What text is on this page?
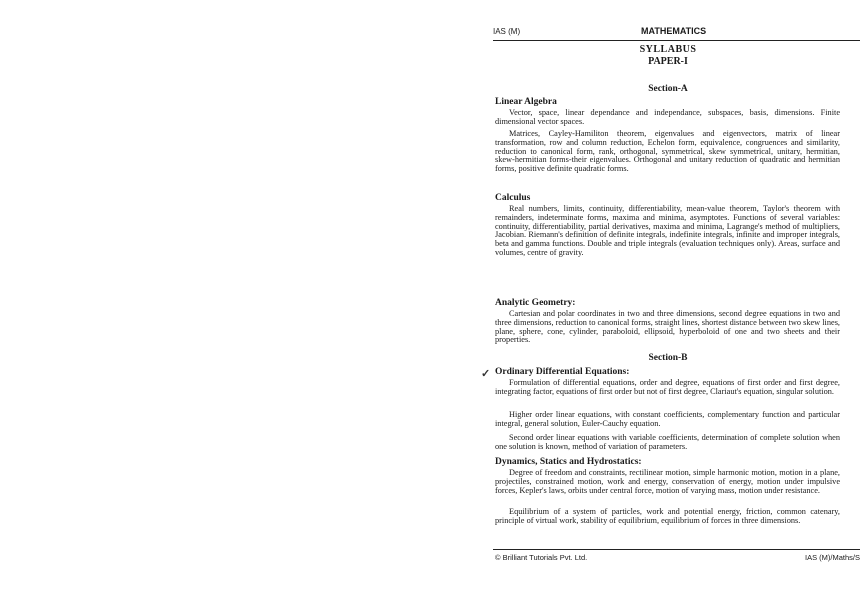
IAS (M)	MATHEMATICS
SYLLABUS
PAPER-I
Section-A
Linear Algebra
Vector, space, linear dependance and independance, subspaces, basis, dimensions. Finite dimensional vector spaces.
Matrices, Cayley-Hamiliton theorem, eigenvalues and eigenvectors, matrix of linear transformation, row and column reduction, Echelon form, equivalence, congruences and similarity, reduction to canonical form, rank, orthogonal, symmetrical, skew symmetrical, unitary, hermitian, skew-hermitian forms-their eigenvalues. Orthogonal and unitary reduction of quadratic and hermitian forms, positive definite quadratic forms.
Calculus
Real numbers, limits, continuity, differentiability, mean-value theorem, Taylor's theorem with remainders, indeterminate forms, maxima and minima, asymptotes. Functions of several variables: continuity, differentiability, partial derivatives, maxima and minima, Lagrange's method of multipliers, Jacobian. Riemann's definition of definite integrals, indefinite integrals, infinite and improper integrals, beta and gamma functions. Double and triple integrals (evaluation techniques only). Areas, surface and volumes, centre of gravity.
Analytic Geometry:
Cartesian and polar coordinates in two and three dimensions, second degree equations in two and three dimensions, reduction to canonical forms, straight lines, shortest distance between two skew lines, plane, sphere, cone, cylinder, paraboloid, ellipsoid, hyperboloid of one and two sheets and their properties.
Section-B
✓ Ordinary Differential Equations:
Formulation of differential equations, order and degree, equations of first order and first degree, integrating factor, equations of first order but not of first degree, Clariaut's equation, singular solution.
Higher order linear equations, with constant coefficients, complementary function and particular integral, general solution, Euler-Cauchy equation.
Second order linear equations with variable coefficients, determination of complete solution when one solution is known, method of variation of parameters.
Dynamics, Statics and Hydrostatics:
Degree of freedom and constraints, rectilinear motion, simple harmonic motion, motion in a plane, projectiles, constrained motion, work and energy, conservation of energy, motion under impulsive forces, Kepler's laws, orbits under central force, motion of varying mass, motion under resistance.
Equilibrium of a system of particles, work and potential energy, friction, common catenary, principle of virtual work, stability of equilibrium, equilibrium of forces in three dimensions.
© Brilliant Tutorials Pvt. Ltd.	IAS (M)/Maths/S
